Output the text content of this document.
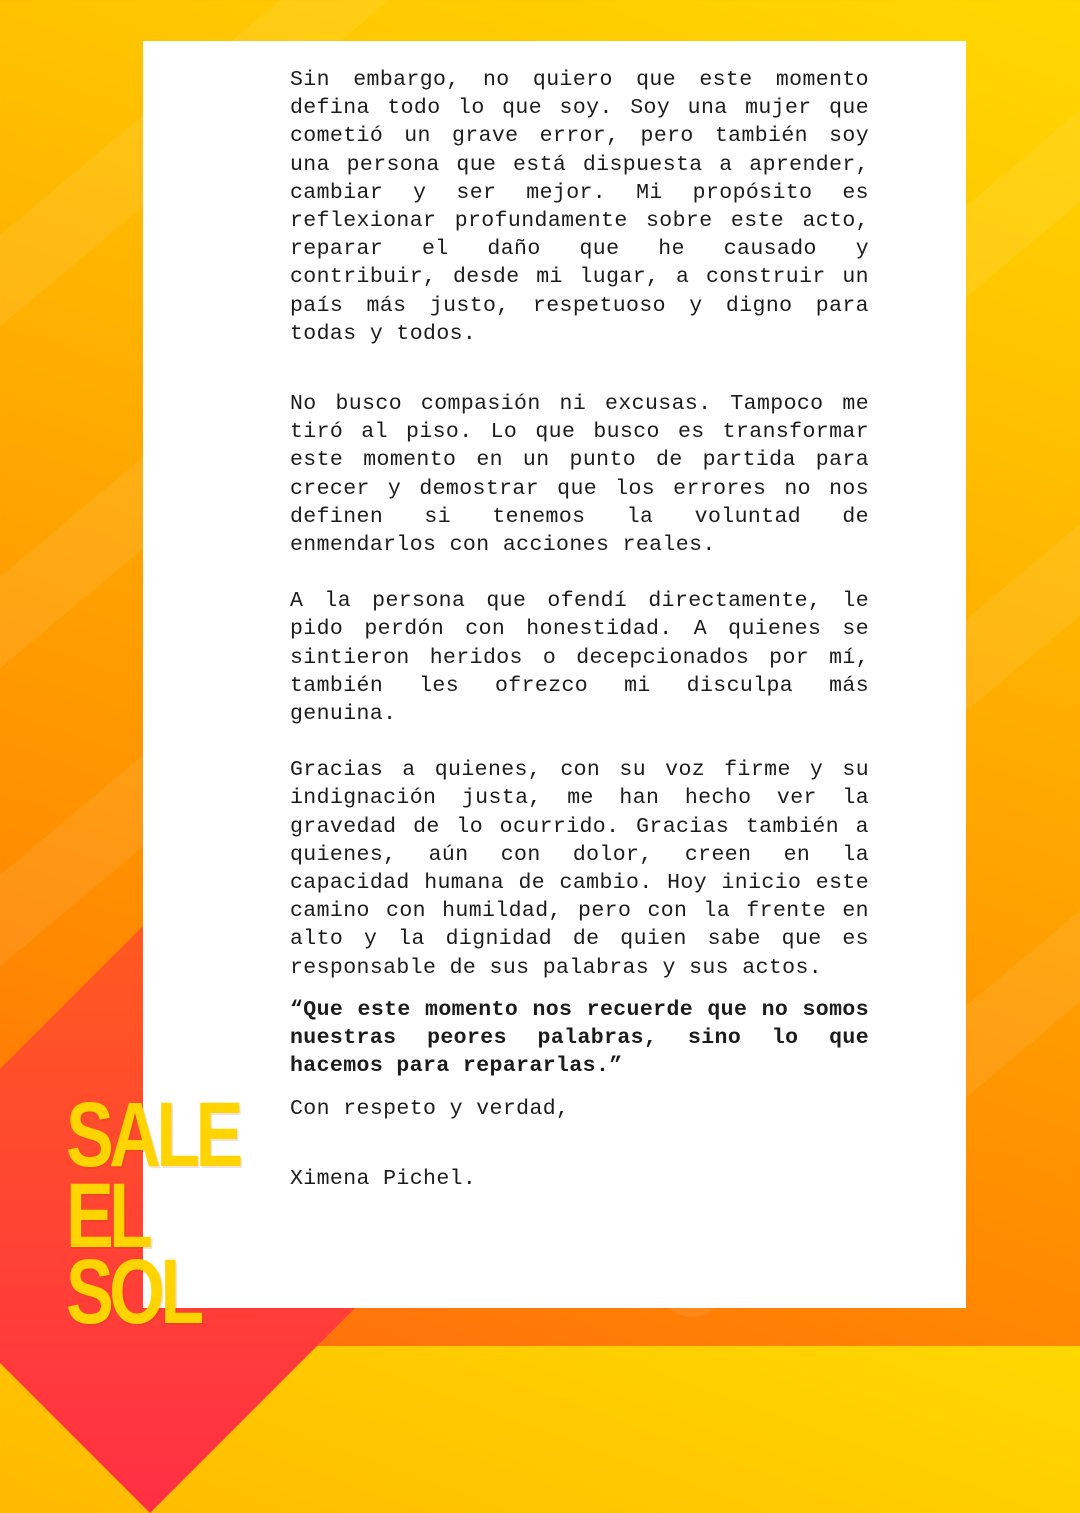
Sin embargo, no quiero que este momento defina todo lo que soy. Soy una mujer que cometió un grave error, pero también soy una persona que está dispuesta a aprender, cambiar y ser mejor. Mi propósito es reflexionar profundamente sobre este acto, reparar el daño que he causado y contribuir, desde mi lugar, a construir un país más justo, respetuoso y digno para todas y todos.

No busco compasión ni excusas. Tampoco me tiró al piso. Lo que busco es transformar este momento en un punto de partida para crecer y demostrar que los errores no nos definen si tenemos la voluntad de enmendarlos con acciones reales.

A la persona que ofendí directamente, le pido perdón con honestidad. A quienes se sintieron heridos o decepcionados por mí, también les ofrezco mi disculpa más genuina.

Gracias a quienes, con su voz firme y su indignación justa, me han hecho ver la gravedad de lo ocurrido. Gracias también a quienes, aún con dolor, creen en la capacidad humana de cambio. Hoy inicio este camino con humildad, pero con la frente en alto y la dignidad de quien sabe que es responsable de sus palabras y sus actos.

“Que este momento nos recuerde que no somos nuestras peores palabras, sino lo que hacemos para repararlas.”

Con respeto y verdad,

Ximena Pichel.

SALE
EL SOL
